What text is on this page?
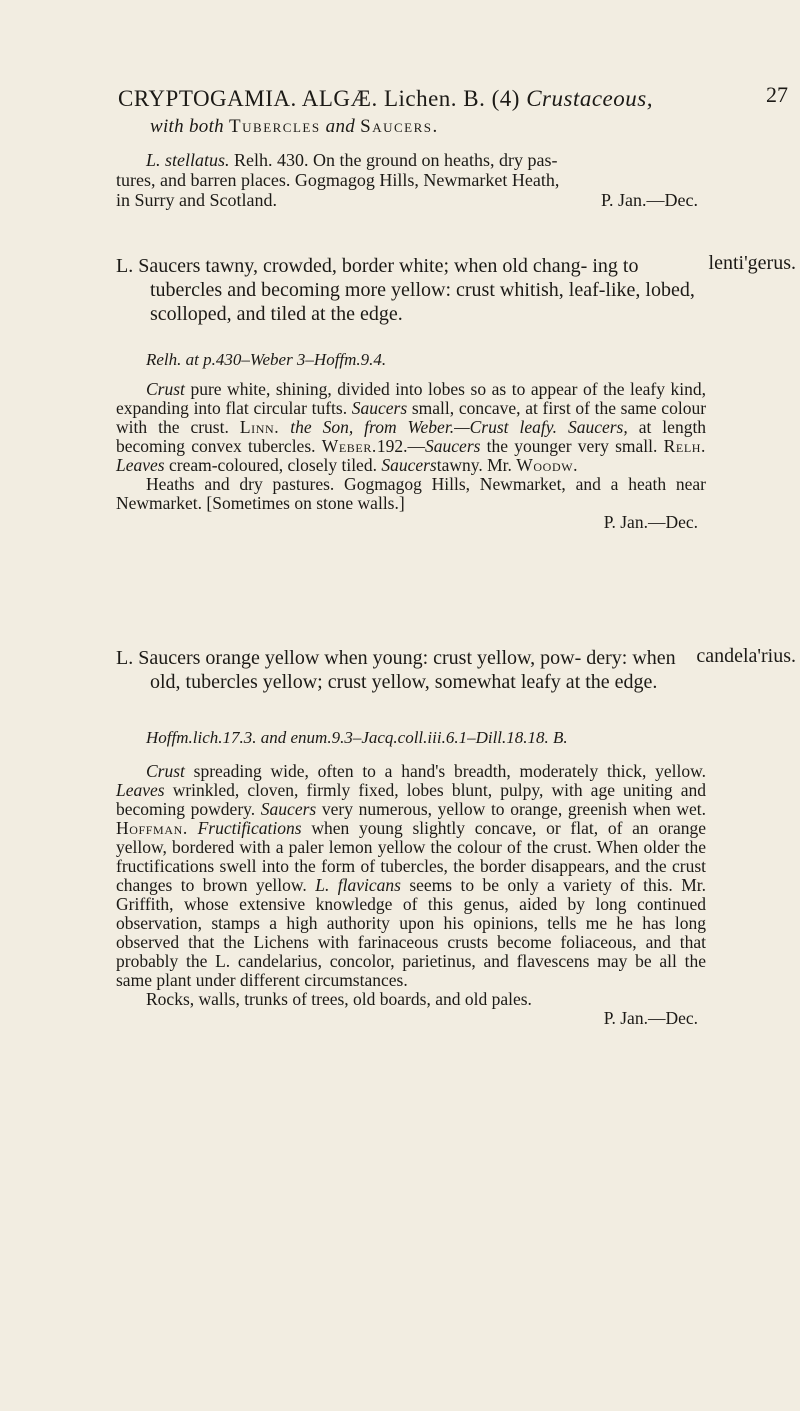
CRYPTOGAMIA. ALGÆ. Lichen. B. (4) Crustaceous,	27
with both Tubercles and Saucers.

L. stellatus. Relh. 430. On the ground on heaths, dry pas-

tures, and barren places. Gogmagog Hills, Newmarket Heath,

in Surry and Scotland.	P. Jan.—Dec.

lenti'gerus.
L. Saucers tawny, crowded, border white; when old chang- ing to tubercles and becoming more yellow: crust whitish, leaf-like, lobed, scolloped, and tiled at the edge.
Relh. at p.430–Weber 3–Hoffm.9.4.

Crust pure white, shining, divided into lobes so as to appear of the leafy kind, expanding into flat circular tufts. Saucers small, concave, at first of the same colour with the crust. Linn. the Son, from Weber.—Crust leafy. Saucers, at length becoming convex tubercles. Weber.192.—Saucers the younger very small. Relh. Leaves cream-coloured, closely tiled. Saucerstawny. Mr. Woodw.

Heaths and dry pastures. Gogmagog Hills, Newmarket, and a heath near Newmarket. [Sometimes on stone walls.]

P. Jan.—Dec.

candela'rius.
L. Saucers orange yellow when young: crust yellow, pow- dery: when old, tubercles yellow; crust yellow, somewhat leafy at the edge.
Hoffm.lich.17.3. and enum.9.3–Jacq.coll.iii.6.1–Dill.18.18. B.

Crust spreading wide, often to a hand's breadth, moderately thick, yellow. Leaves wrinkled, cloven, firmly fixed, lobes blunt, pulpy, with age uniting and becoming powdery. Saucers very numerous, yellow to orange, greenish when wet. Hoffman. Fructifications when young slightly concave, or flat, of an orange yellow, bordered with a paler lemon yellow the colour of the crust. When older the fructifications swell into the form of tubercles, the border disappears, and the crust changes to brown yellow. L. flavicans seems to be only a variety of this. Mr. Griffith, whose extensive knowledge of this genus, aided by long continued observation, stamps a high authority upon his opinions, tells me he has long observed that the Lichens with farinaceous crusts become foliaceous, and that probably the L. candelarius, concolor, parietinus, and flavescens may be all the same plant under different circumstances.

Rocks, walls, trunks of trees, old boards, and old pales.

P. Jan.—Dec.
